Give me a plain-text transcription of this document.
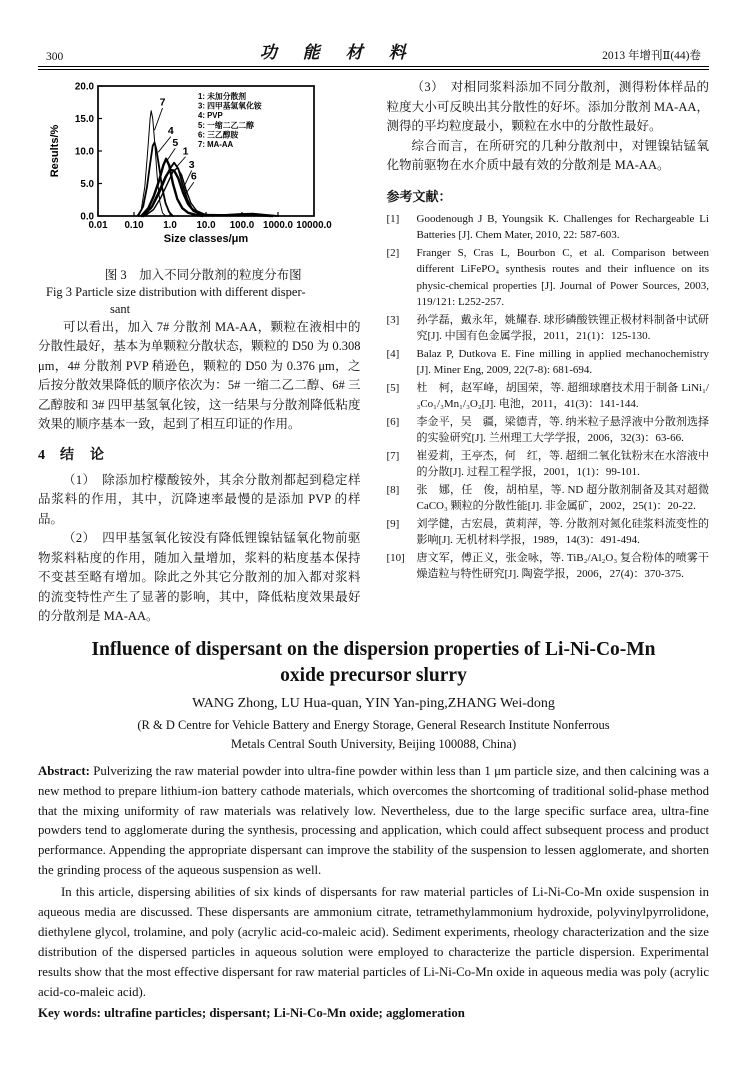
300	功能材料	2013 年增刊Ⅱ(44)卷
0.0
5.0
10.0
15.0
20.0
0.01 0.10 1.0 10.0 100.0 1000.0 10000.0
Size classes/μm
Results/%
7
4
5
1
3
6
1: 未加分散剂
3: 四甲基氢氧化铵
4: PVP
5: 一缩二乙二醇
6: 三乙醇胺
7: MA-AA
图 3　加入不同分散剂的粒度分布图
Fig 3 Particle size distribution with different disper-
sant

可以看出，加入 7# 分散剂 MA-AA，颗粒在液相中的分散性最好，基本为单颗粒分散状态，颗粒的 D50 为 0.308 μm，4# 分散剂 PVP 稍逊色，颗粒的 D50 为 0.376 μm，之后按分散效果降低的顺序依次为：5# 一缩二乙二醇、6# 三乙醇胺和 3# 四甲基氢氧化铵，这一结果与分散剂降低粘度效果的顺序基本一致，起到了相互印证的作用。

4 结　论

（1）　除添加柠檬酸铵外，其余分散剂都起到稳定样品浆料的作用，其中，沉降速率最慢的是添加 PVP 的样品。

（2）　四甲基氢氧化铵没有降低锂镍钴锰氧化物前驱物浆料粘度的作用，随加入量增加，浆料的粘度基本保持不变甚至略有增加。除此之外其它分散剂的加入都对浆料的流变特性产生了显著的影响，其中，降低粘度效果最好的分散剂是 MA-AA。

（3）　对相同浆料添加不同分散剂，测得粉体样品的粒度大小可反映出其分散性的好坏。添加分散剂 MA-AA，测得的平均粒度最小，颗粒在水中的分散性最好。

综合而言，在所研究的几种分散剂中，对锂镍钴锰氧化物前驱物在水介质中最有效的分散剂是 MA-AA。

参考文献：
[1]	Goodenough J B, Youngsik K. Challenges for Rechargeable Li Batteries [J]. Chem Mater, 2010, 22: 587-603.
[2]	Franger S, Cras L, Bourbon C, et al. Comparison between different LiFePO₄ synthesis routes and their influence on its physic-chemical properties [J]. Journal of Power Sources, 2003, 119/121: L252-257.
[3]	孙学磊，戴永年，姚耀春. 球形磷酸铁锂正极材料制备中试研究[J]. 中国有色金属学报，2011，21(1)：125-130.
[4]	Balaz P, Dutkova E. Fine milling in applied mechanochemistry [J]. Miner Eng, 2009, 22(7-8): 681-694.
[5]	杜　柯，赵军峰，胡国荣，等. 超细球磨技术用于制备 LiNi₁/₃Co₁/₃Mn₁/₃O₂[J]. 电池，2011，41(3)：141-144.
[6]	李金平，吴　疆，梁德青，等. 纳米粒子悬浮液中分散剂选择的实验研究[J]. 兰州理工大学学报，2006，32(3)：63-66.
[7]	崔爱莉，王亭杰，何　红，等. 超细二氧化钛粉末在水溶液中的分散[J]. 过程工程学报，2001，1(1)：99-101.
[8]	张　娜，任　俊，胡柏星，等. ND 超分散剂制备及其对超微 CaCO₃ 颗粒的分散性能[J]. 非金属矿，2002，25(1)：20-22.
[9]	刘学健，古宏晨，黄莉萍，等. 分散剂对氮化硅浆料流变性的影响[J]. 无机材料学报，1989，14(3)：491-494.
[10]	唐文军，傅正义，张金咏，等. TiB₂/Al₂O₃ 复合粉体的喷雾干燥造粒与特性研究[J]. 陶瓷学报，2006，27(4)：370-375.
Influence of dispersant on the dispersion properties of Li-Ni-Co-Mn
oxide precursor slurry
WANG Zhong, LU Hua-quan, YIN Yan-ping,ZHANG Wei-dong
(R & D Centre for Vehicle Battery and Energy Storage, General Research Institute Nonferrous
Metals Central South University, Beijing 100088, China)

Abstract: Pulverizing the raw material powder into ultra-fine powder within less than 1 μm particle size, and then calcining was a new method to prepare lithium-ion battery cathode materials, which overcomes the shortcoming of traditional solid-phase method that the mixing uniformity of raw materials was relatively low. Nevertheless, due to the large specific surface area, ultra-fine powders tend to agglomerate during the synthesis, processing and application, which could affect subsequent process and product performance. Appending the appropriate dispersant can improve the stability of the suspension to lessen agglomerate, and shorten the grinding process of the aqueous suspension as well.

In this article, dispersing abilities of six kinds of dispersants for raw material particles of Li-Ni-Co-Mn oxide suspension in aqueous media are discussed. These dispersants are ammonium citrate, tetramethylammonium hydroxide, polyvinylpyrrolidone, diethylene glycol, trolamine, and poly (acrylic acid-co-maleic acid). Sediment experiments, rheology characterization and the size distribution of the dispersed particles in aqueous solution were employed to characterize the particle dispersion. Experimental results show that the most effective dispersant for raw material particles of Li-Ni-Co-Mn oxide in aqueous media was poly (acrylic acid-co-maleic acid).

Key words: ultrafine particles; dispersant; Li-Ni-Co-Mn oxide; agglomeration
